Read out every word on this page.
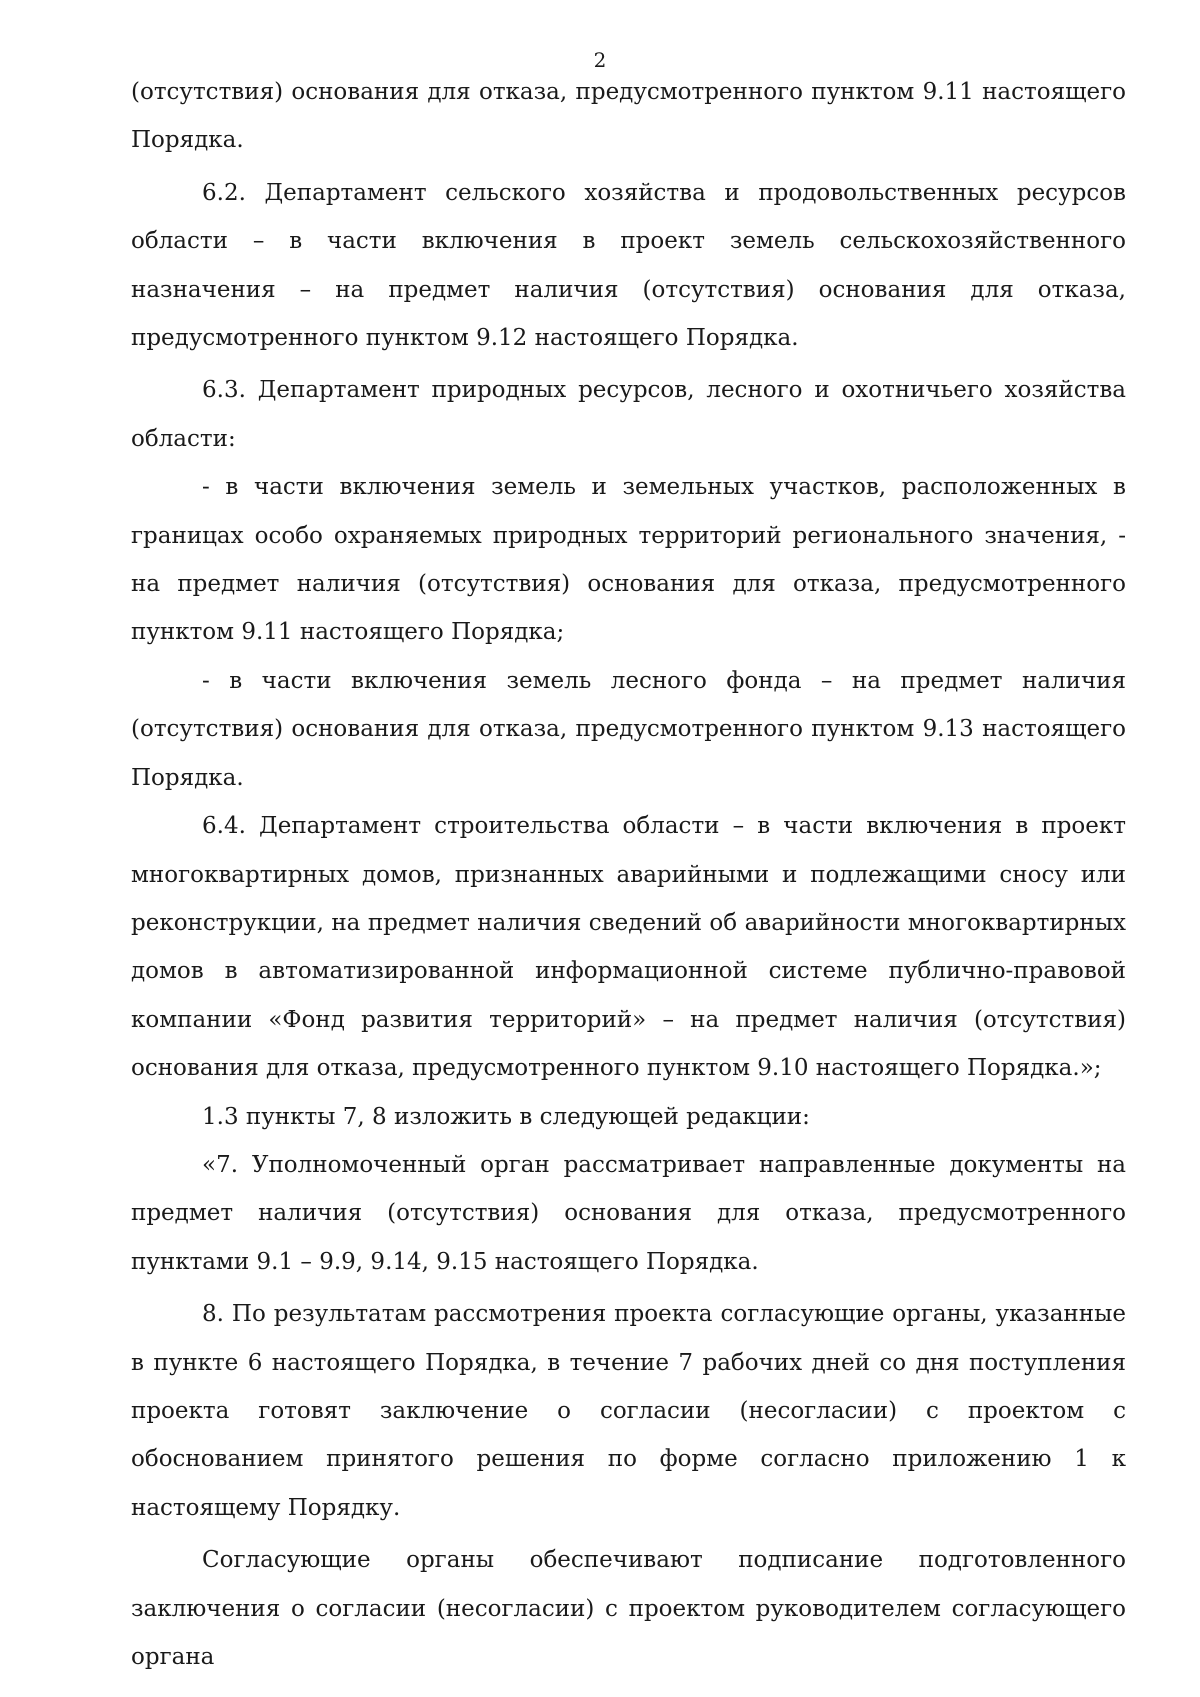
2

(отсутствия) основания для отказа, предусмотренного пунктом 9.11 настоящего Порядка.

6.2. Департамент сельского хозяйства и продовольственных ресурсов области – в части включения в проект земель сельскохозяйственного назначения – на предмет наличия (отсутствия) основания для отказа, предусмотренного пунктом 9.12 настоящего Порядка.

6.3. Департамент природных ресурсов, лесного и охотничьего хозяйства области:

- в части включения земель и земельных участков, расположенных в границах особо охраняемых природных территорий регионального значения, - на предмет наличия (отсутствия) основания для отказа, предусмотренного пунктом 9.11 настоящего Порядка;

- в части включения земель лесного фонда – на предмет наличия (отсутствия) основания для отказа, предусмотренного пунктом 9.13 настоящего Порядка.

6.4. Департамент строительства области – в части включения в проект многоквартирных домов, признанных аварийными и подлежащими сносу или реконструкции, на предмет наличия сведений об аварийности многоквартирных домов в автоматизированной информационной системе публично-правовой компании «Фонд развития территорий» – на предмет наличия (отсутствия) основания для отказа, предусмотренного пунктом 9.10 настоящего Порядка.»;

1.3 пункты 7, 8 изложить в следующей редакции:

«7. Уполномоченный орган рассматривает направленные документы на предмет наличия (отсутствия) основания для отказа, предусмотренного пунктами 9.1 – 9.9, 9.14, 9.15 настоящего Порядка.

8. По результатам рассмотрения проекта согласующие органы, указанные в пункте 6 настоящего Порядка, в течение 7 рабочих дней со дня поступления проекта готовят заключение о согласии (несогласии) с проектом с обоснованием принятого решения по форме согласно приложению 1 к настоящему Порядку.

Согласующие органы обеспечивают подписание подготовленного заключения о согласии (несогласии) с проектом руководителем согласующего органа
